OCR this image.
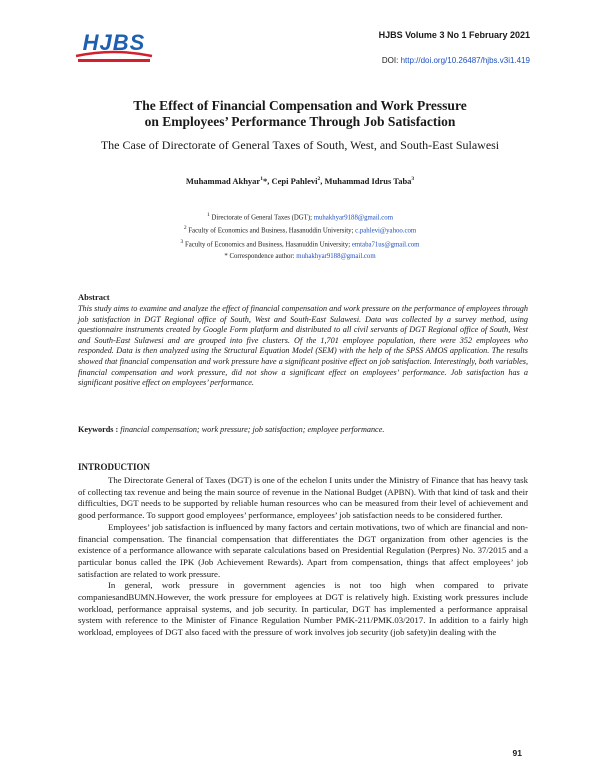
HJBS	HJBS Volume 3 No 1 February 2021
DOI: http://doi.org/10.26487/hjbs.v3i1.419
The Effect of Financial Compensation and Work Pressure
on Employees’ Performance Through Job Satisfaction
The Case of Directorate of General Taxes of South, West, and South-East Sulawesi
Muhammad Akhyar$^1$*, Cepi Pahlevi$^2$, Muhammad Idrus Taba$^3$
$^1$ Directorate of General Taxes (DGT); muhakhyar9188@gmail.com
$^2$ Faculty of Economics and Business, Hasanuddin University; c.pahlevi@yahoo.com
$^3$ Faculty of Economics and Business, Hasanuddin University; emtaba71us@gmail.com
* Correspondence author: muhakhyar9188@gmail.com
Abstract

This study aims to examine and analyze the effect of financial compensation and work pressure on the performance of employees through job satisfaction in DGT Regional office of South, West and South-East Sulawesi. Data was collected by a survey method, using questionnaire instruments created by Google Form platform and distributed to all civil servants of DGT Regional office of South, West and South-East Sulawesi and are grouped into five clusters. Of the 1,701 employee population, there were 352 employees who responded. Data is then analyzed using the Structural Equation Model (SEM) with the help of the SPSS AMOS application. The results showed that financial compensation and work pressure have a significant positive effect on job satisfaction. Interestingly, both variables, financial compensation and work pressure, did not show a significant effect on employees’ performance. Job satisfaction has a significant positive effect on employees’ performance.

Keywords : financial compensation; work pressure; job satisfaction; employee performance.
INTRODUCTION

The Directorate General of Taxes (DGT) is one of the echelon I units under the Ministry of Finance that has heavy task of collecting tax revenue and being the main source of revenue in the National Budget (APBN). With that kind of task and their difficulties, DGT needs to be supported by reliable human resources who can be measured from their level of achievement and good performance. To support good employees’ performance, employees’ job satisfaction needs to be considered further.

Employees’ job satisfaction is influenced by many factors and certain motivations, two of which are financial and non-financial compensation. The financial compensation that differentiates the DGT organization from other agencies is the existence of a performance allowance with separate calculations based on Presidential Regulation (Perpres) No. 37/2015 and a particular bonus called the IPK (Job Achievement Rewards). Apart from compensation, things that affect employees’ job satisfaction are related to work pressure.

In general, work pressure in government agencies is not too high when compared to private companiesandBUMN.However, the work pressure for employees at DGT is relatively high. Existing work pressures include workload, performance appraisal systems, and job security. In particular, DGT has implemented a performance appraisal system with reference to the Minister of Finance Regulation Number PMK-211/PMK.03/2017. In addition to a fairly high workload, employees of DGT also faced with the pressure of work involves job security (job safety)in dealing with the

91
